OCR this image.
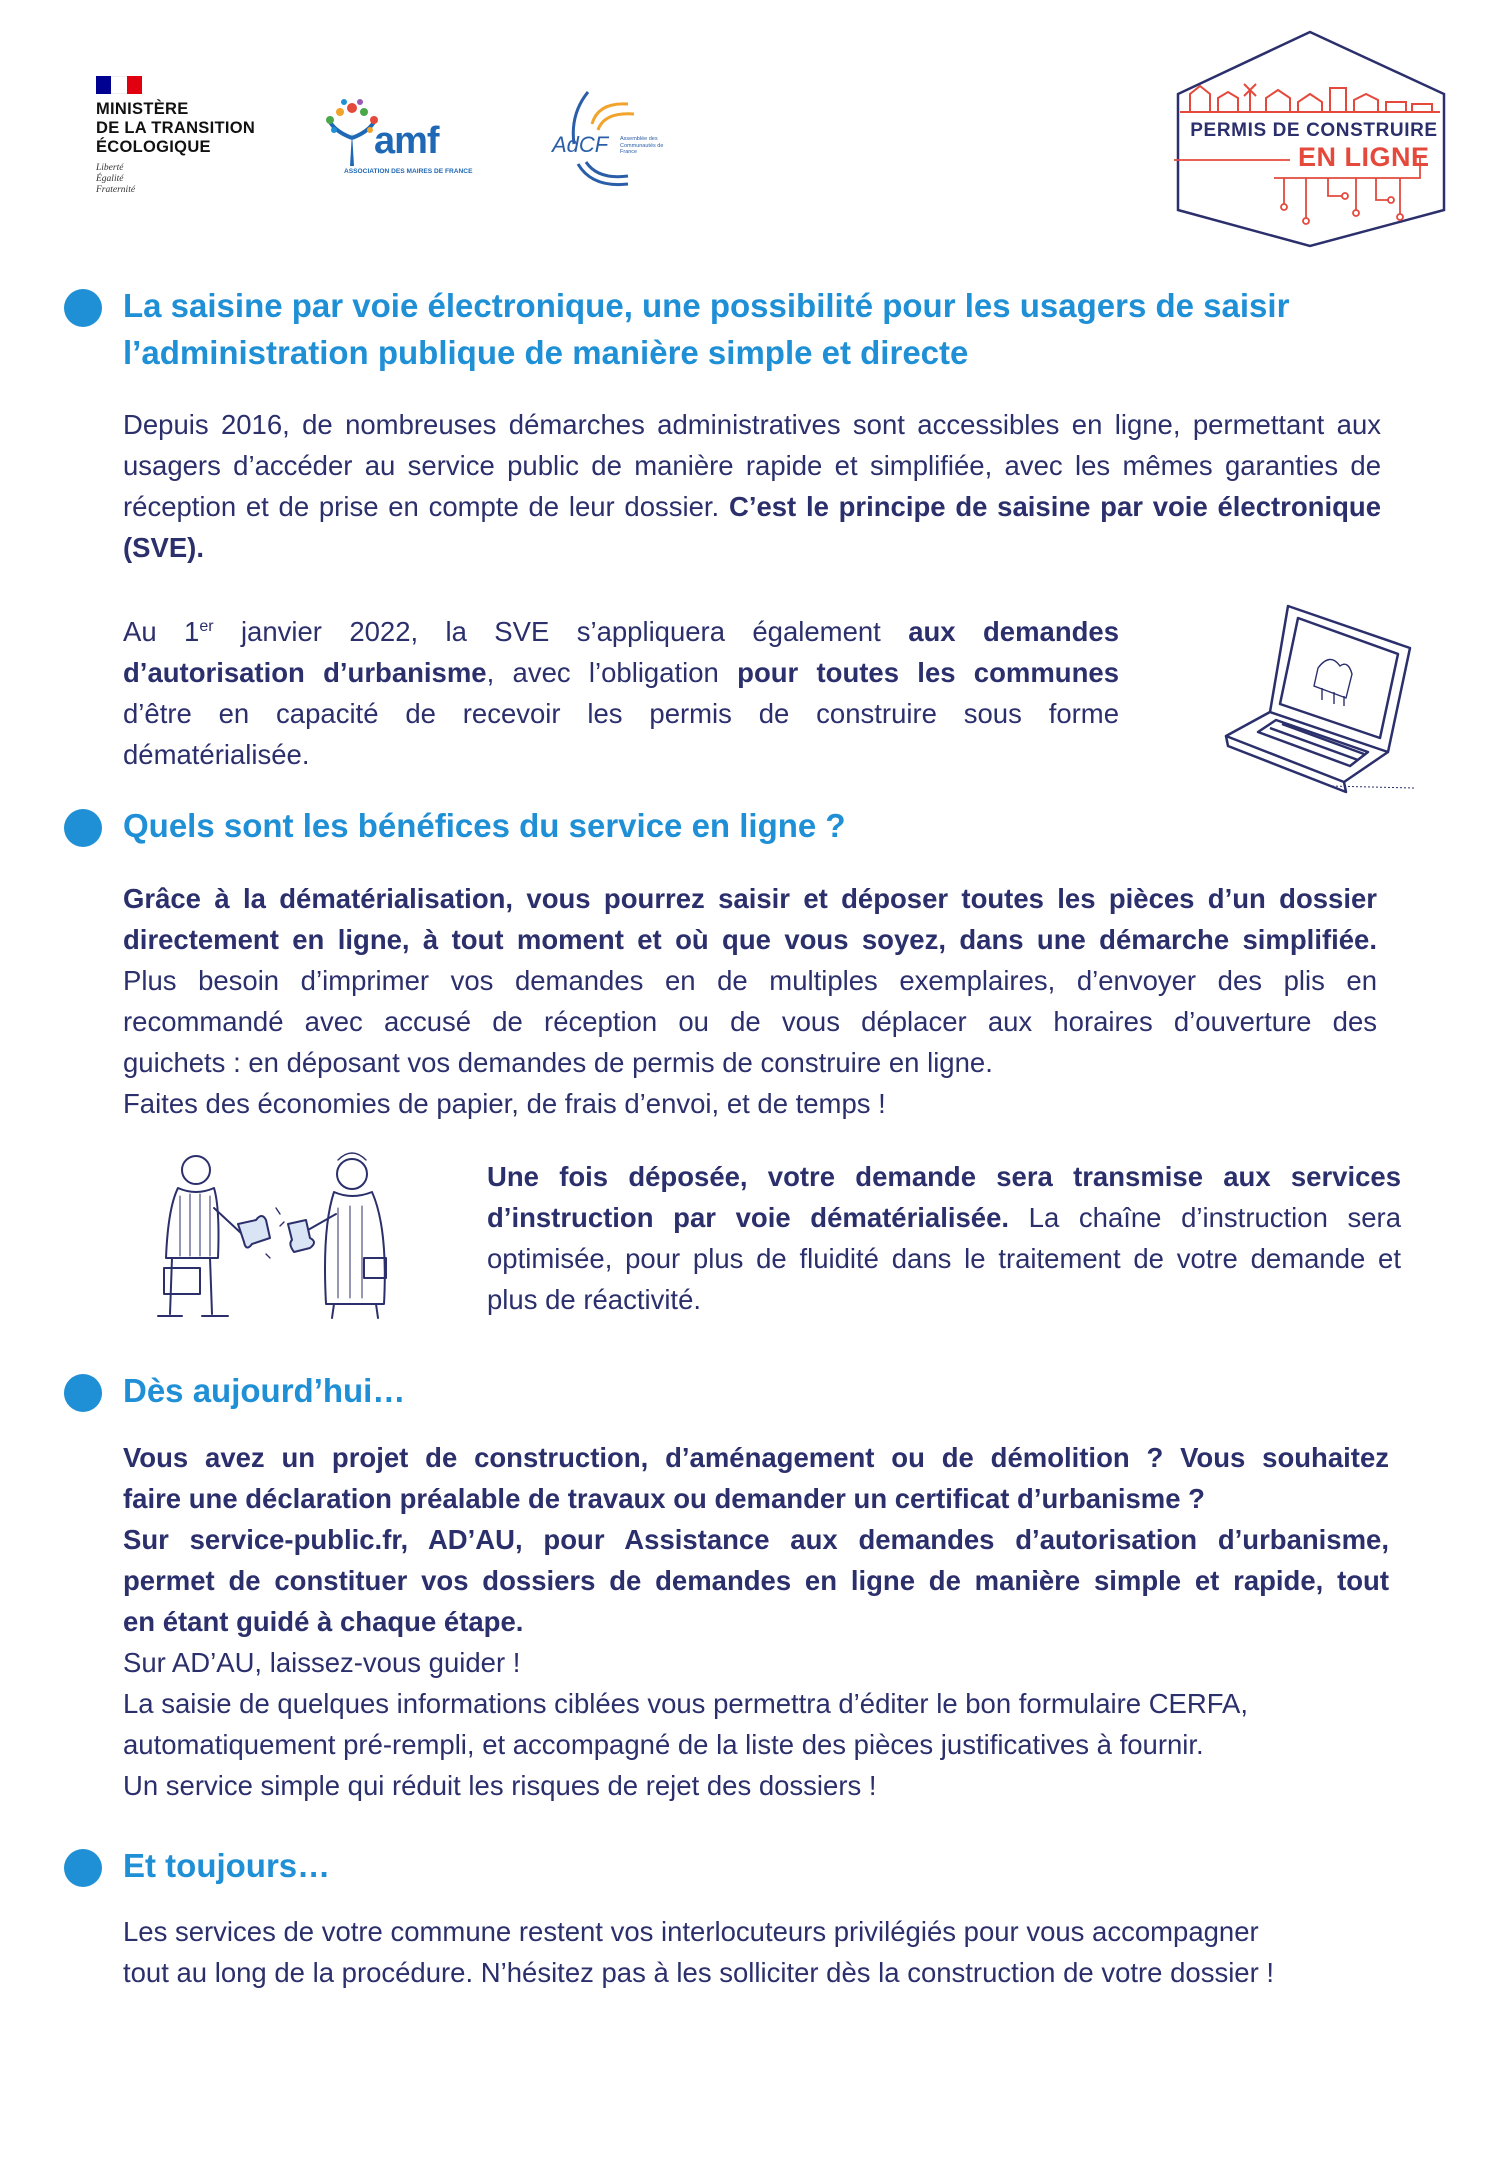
MINISTÈRE
DE LA TRANSITION
ÉCOLOGIQUE
Liberté
Égalité
Fraternité
amf
ASSOCIATION DES MAIRES DE FRANCE
AdCF Assemblée des Communautés de France
PERMIS DE CONSTRUIRE
EN LIGNE
La saisine par voie électronique, une possibilité pour les usagers de saisir
l’administration publique de manière simple et directe
Depuis 2016, de nombreuses démarches administratives sont accessibles en ligne, permettant aux usagers d’accéder au service public de manière rapide et simplifiée, avec les mêmes garanties de réception et de prise en compte de leur dossier. C’est le principe de saisine par voie électronique (SVE).
Au 1er janvier 2022, la SVE s’appliquera également aux demandes d’autorisation d’urbanisme, avec l’obligation pour toutes les communes d’être en capacité de recevoir les permis de construire sous forme dématérialisée.
Quels sont les bénéfices du service en ligne ?
Grâce à la dématérialisation, vous pourrez saisir et déposer toutes les pièces d’un dossier
directement en ligne, à tout moment et où que vous soyez, dans une démarche simplifiée.
Plus besoin d’imprimer vos demandes en de multiples exemplaires, d’envoyer des plis en
recommandé avec accusé de réception ou de vous déplacer aux horaires d’ouverture des
guichets : en déposant vos demandes de permis de construire en ligne.
Faites des économies de papier, de frais d’envoi, et de temps !
Une fois déposée, votre demande sera transmise aux services d’instruction par voie dématérialisée. La chaîne d’instruction sera optimisée, pour plus de fluidité dans le traitement de votre demande et plus de réactivité.
Dès aujourd’hui…
Vous avez un projet de construction, d’aménagement ou de démolition ? Vous souhaitez
faire une déclaration préalable de travaux ou demander un certificat d’urbanisme ?
Sur service-public.fr, AD’AU, pour Assistance aux demandes d’autorisation d’urbanisme,
permet de constituer vos dossiers de demandes en ligne de manière simple et rapide, tout
en étant guidé à chaque étape.
Sur AD’AU, laissez-vous guider !
La saisie de quelques informations ciblées vous permettra d’éditer le bon formulaire CERFA,
automatiquement pré-rempli, et accompagné de la liste des pièces justificatives à fournir.
Un service simple qui réduit les risques de rejet des dossiers !
Et toujours…
Les services de votre commune restent vos interlocuteurs privilégiés pour vous accompagner
tout au long de la procédure. N’hésitez pas à les solliciter dès la construction de votre dossier !
